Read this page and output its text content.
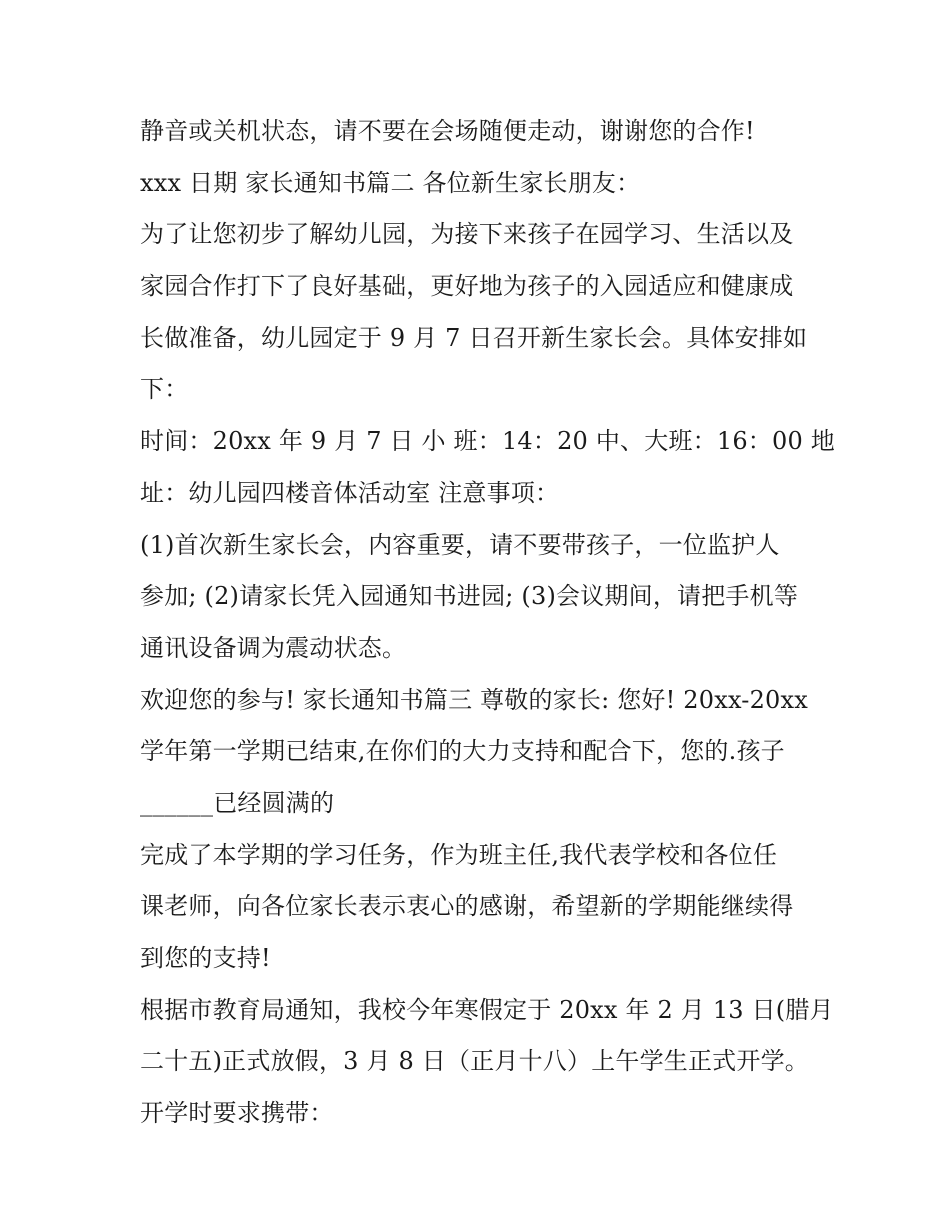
静音或关机状态，请不要在会场随便走动，谢谢您的合作!
xxx 日期 家长通知书篇二 各位新生家长朋友：
为了让您初步了解幼儿园，为接下来孩子在园学习、生活以及
家园合作打下了良好基础，更好地为孩子的入园适应和健康成
长做准备，幼儿园定于 9 月 7 日召开新生家长会。具体安排如
下：
时间：20xx 年 9 月 7 日 小 班：14：20 中、大班：16：00 地
址：幼儿园四楼音体活动室 注意事项：
(1)首次新生家长会，内容重要，请不要带孩子，一位监护人
参加; (2)请家长凭入园通知书进园; (3)会议期间，请把手机等
通讯设备调为震动状态。
欢迎您的参与! 家长通知书篇三 尊敬的家长: 您好! 20xx-20xx
学年第一学期已结束,在你们的大力支持和配合下，您的.孩子
______已经圆满的
完成了本学期的学习任务，作为班主任,我代表学校和各位任
课老师，向各位家长表示衷心的感谢，希望新的学期能继续得
到您的支持!
根据市教育局通知，我校今年寒假定于 20xx 年 2 月 13 日(腊月
二十五)正式放假，3 月 8 日（正月十八）上午学生正式开学。
开学时要求携带：
